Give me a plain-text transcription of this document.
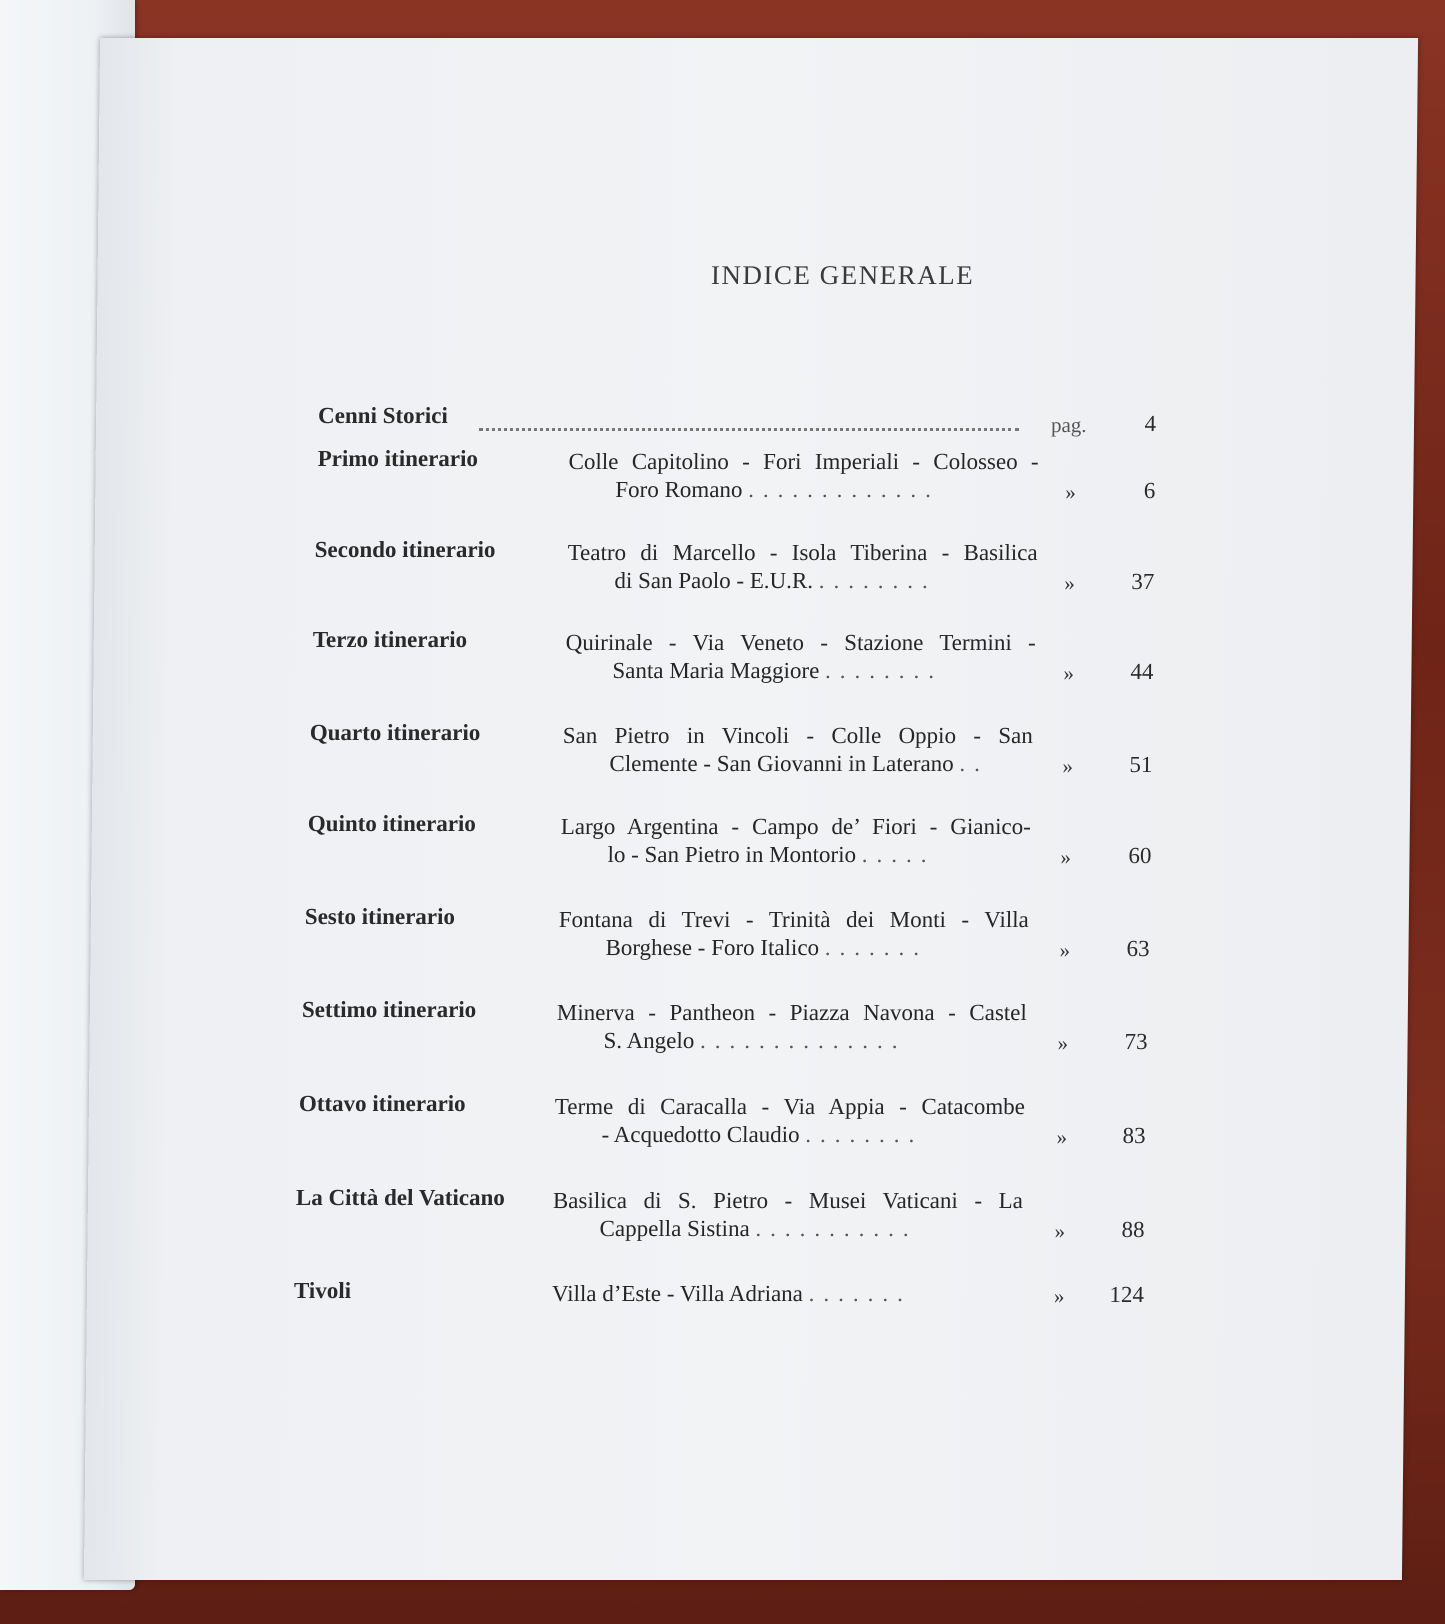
INDICE GENERALE
Cenni Storici	pag.	4
Primo itinerario	Colle Capitolino - Fori Imperiali - Colosseo -
Foro Romano .............	»	6
Secondo itinerario	Teatro di Marcello - Isola Tiberina - Basilica
di San Paolo - E.U.R. ........	»	37
Terzo itinerario	Quirinale - Via Veneto - Stazione Termini -
Santa Maria Maggiore ........	»	44
Quarto itinerario	San Pietro in Vincoli - Colle Oppio - San
Clemente - San Giovanni in Laterano ..	»	51
Quinto itinerario	Largo Argentina - Campo de’ Fiori - Gianico-
lo - San Pietro in Montorio .....	»	60
Sesto itinerario	Fontana di Trevi - Trinità dei Monti - Villa
Borghese - Foro Italico .......	»	63
Settimo itinerario	Minerva - Pantheon - Piazza Navona - Castel
S. Angelo ..............	»	73
Ottavo itinerario	Terme di Caracalla - Via Appia - Catacombe
- Acquedotto Claudio ........	»	83
La Città del Vaticano Basilica di S. Pietro - Musei Vaticani - La
Cappella Sistina ...........	»	88
Tivoli	Villa d’Este - Villa Adriana .......	»	124
